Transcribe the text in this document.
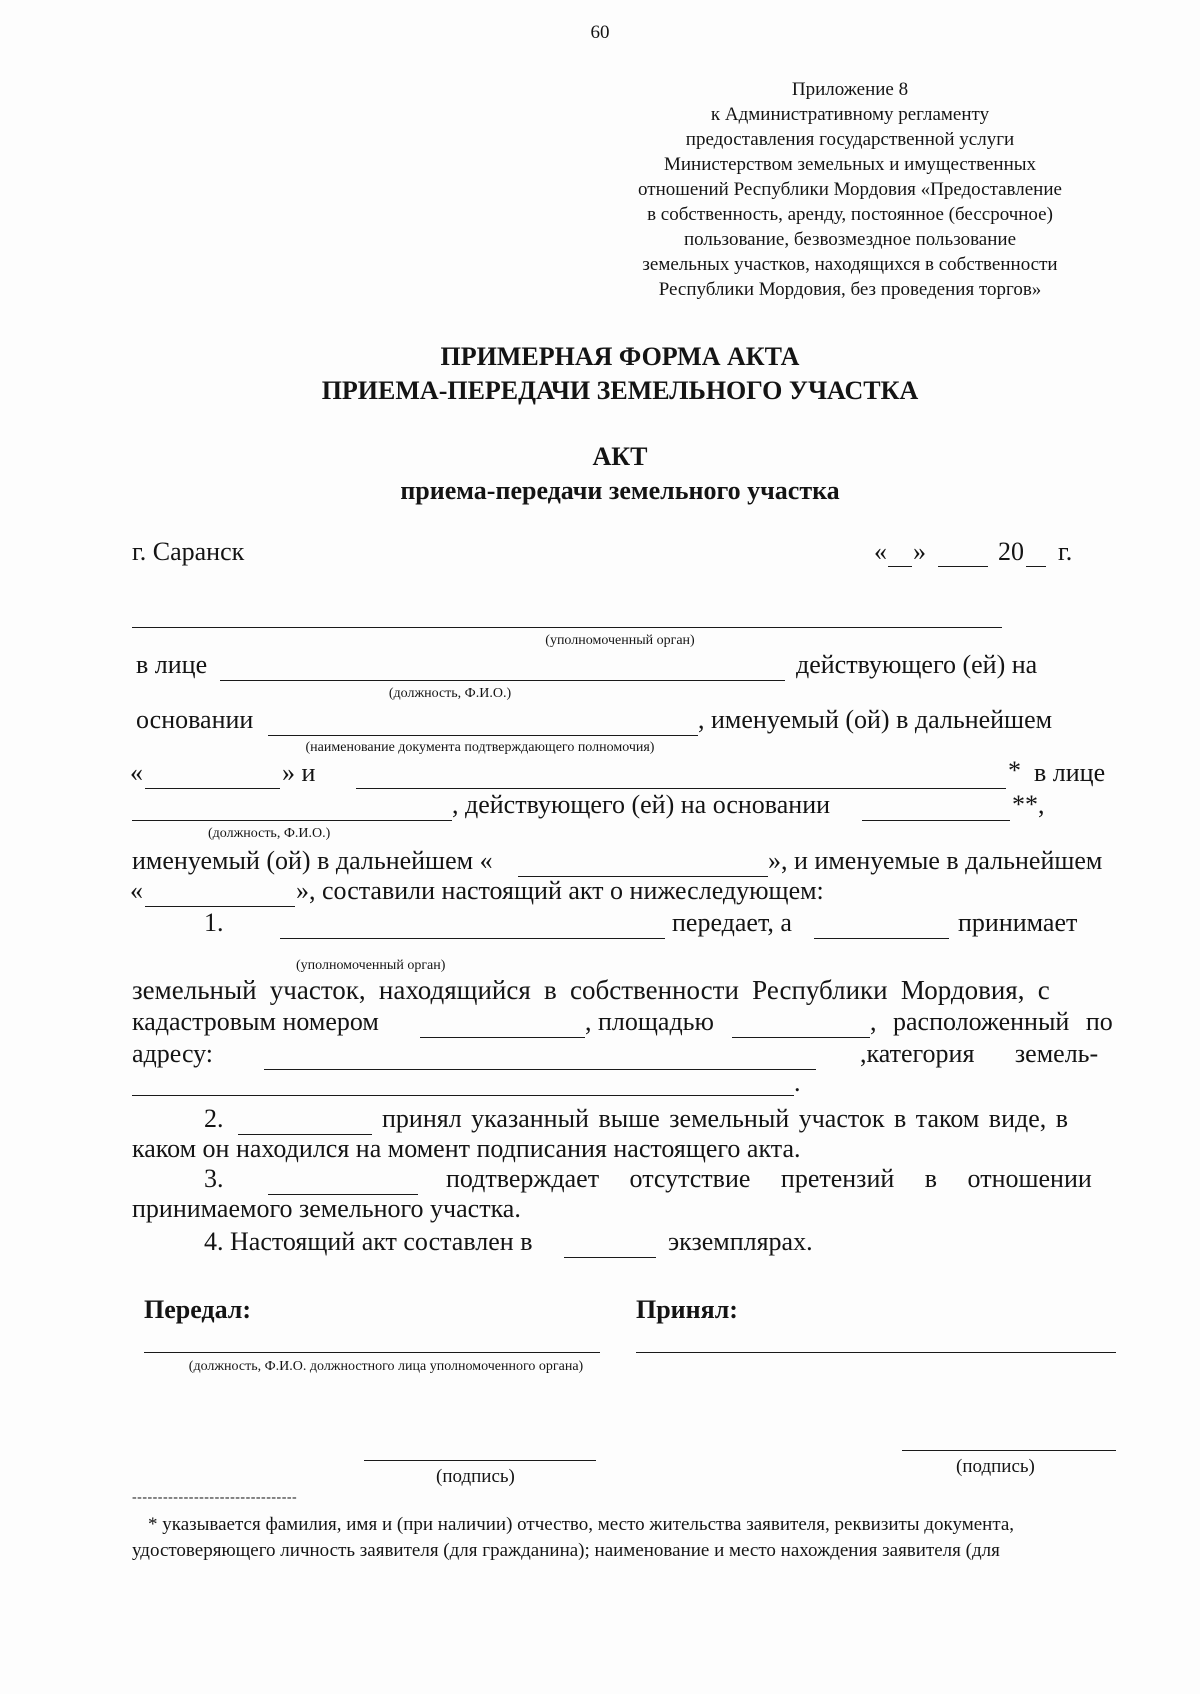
60
Приложение 8
к Административному регламенту
предоставления государственной услуги
Министерством земельных и имущественных
отношений Республики Мордовия «Предоставление
в собственность, аренду, постоянное (бессрочное)
пользование, безвозмездное пользование
земельных участков, находящихся в собственности
Республики Мордовия, без проведения торгов»
ПРИМЕРНАЯ ФОРМА АКТА
ПРИЕМА-ПЕРЕДАЧИ ЗЕМЕЛЬНОГО УЧАСТКА
АКТ
приема-передачи земельного участка
г. Саранск	« »	20 г.
(уполномоченный орган)
в лице	действующего (ей) на
(должность, Ф.И.О.)
основании	, именуемый (ой) в дальнейшем
(наименование документа подтверждающего полномочия)
«	» и	* в лице
, действующего (ей) на основании	**,
(должность, Ф.И.О.)
именуемый (ой) в дальнейшем «	», и именуемые в дальнейшем
«	», составили настоящий акт о нижеследующем:
1.	передает, а	принимает
(уполномоченный орган)
земельный участок, находящийся в собственности Республики Мордовия, с
кадастровым номером	, площадью	, расположенный по
адресу:	,категория земель-
.
2.	принял указанный выше земельный участок в таком виде, в
каком он находился на момент подписания настоящего акта.
3.	подтверждает отсутствие претензий в отношении
принимаемого земельного участка.
4. Настоящий акт составлен в	экземплярах.
Передал:	Принял:
(должность, Ф.И.О. должностного лица уполномоченного органа)
(подпись)	(подпись)
--------------------------------
* указывается фамилия, имя и (при наличии) отчество, место жительства заявителя, реквизиты документа,
удостоверяющего личность заявителя (для гражданина); наименование и место нахождения заявителя (для
